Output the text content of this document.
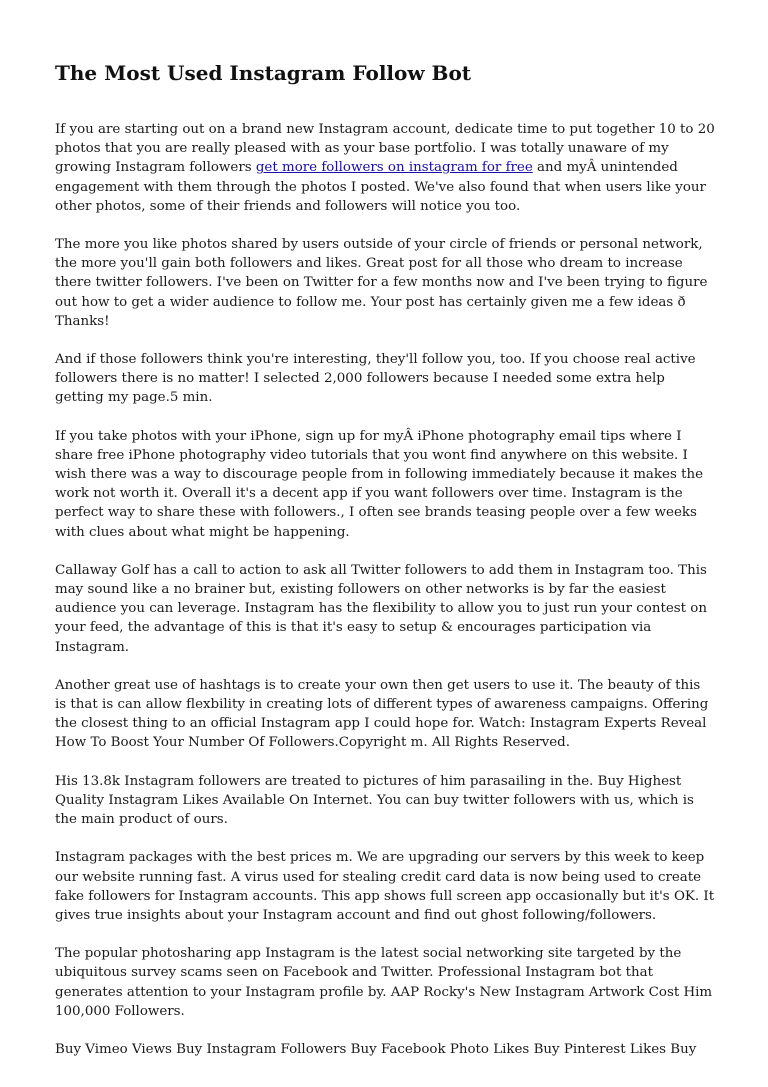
The Most Used Instagram Follow Bot

If you are starting out on a brand new Instagram account, dedicate time to put together 10 to 20 photos that you are really pleased with as your base portfolio. I was totally unaware of my growing Instagram followers get more followers on instagram for free and myÂ unintended engagement with them through the photos I posted. We've also found that when users like your other photos, some of their friends and followers will notice you too.

The more you like photos shared by users outside of your circle of friends or personal network, the more you'll gain both followers and likes. Great post for all those who dream to increase there twitter followers. I've been on Twitter for a few months now and I've been trying to figure out how to get a wider audience to follow me. Your post has certainly given me a few ideas ð Thanks!

And if those followers think you're interesting, they'll follow you, too. If you choose real active followers there is no matter! I selected 2,000 followers because I needed some extra help getting my page.5 min.

If you take photos with your iPhone, sign up for myÂ iPhone photography email tips where I share free iPhone photography video tutorials that you wont find anywhere on this website. I wish there was a way to discourage people from in following immediately because it makes the work not worth it. Overall it's a decent app if you want followers over time. Instagram is the perfect way to share these with followers., I often see brands teasing people over a few weeks with clues about what might be happening.

Callaway Golf has a call to action to ask all Twitter followers to add them in Instagram too. This may sound like a no brainer but, existing followers on other networks is by far the easiest audience you can leverage. Instagram has the flexibility to allow you to just run your contest on your feed, the advantage of this is that it's easy to setup & encourages participation via Instagram.

Another great use of hashtags is to create your own then get users to use it. The beauty of this is that is can allow flexbility in creating lots of different types of awareness campaigns. Offering the closest thing to an official Instagram app I could hope for. Watch: Instagram Experts Reveal How To Boost Your Number Of Followers.Copyright m. All Rights Reserved.

His 13.8k Instagram followers are treated to pictures of him parasailing in the. Buy Highest Quality Instagram Likes Available On Internet. You can buy twitter followers with us, which is the main product of ours.

Instagram packages with the best prices m. We are upgrading our servers by this week to keep our website running fast. A virus used for stealing credit card data is now being used to create fake followers for Instagram accounts. This app shows full screen app occasionally but it's OK. It gives true insights about your Instagram account and find out ghost following/followers.

The popular photosharing app Instagram is the latest social networking site targeted by the ubiquitous survey scams seen on Facebook and Twitter. Professional Instagram bot that generates attention to your Instagram profile by. AAP Rocky's New Instagram Artwork Cost Him 100,000 Followers.

Buy Vimeo Views Buy Instagram Followers Buy Facebook Photo Likes Buy Pinterest Likes Buy
